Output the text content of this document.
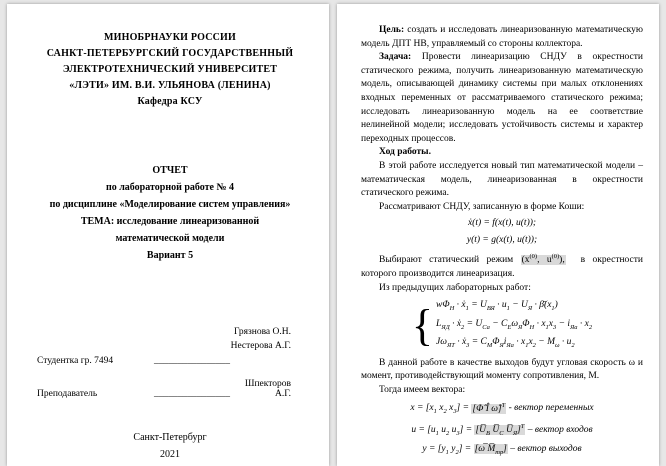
МИНОБРНАУКИ РОССИИ
САНКТ-ПЕТЕРБУРГСКИЙ ГОСУДАРСТВЕННЫЙ
ЭЛЕКТРОТЕХНИЧЕСКИЙ УНИВЕРСИТЕТ
«ЛЭТИ» ИМ. В.И. УЛЬЯНОВА (ЛЕНИНА)
Кафедра КСУ
ОТЧЕТ
по лабораторной работе № 4
по дисциплине «Моделирование систем управления»
ТЕМА: исследование линеаризованной
математической модели
Вариант 5
Грязнова О.Н.
Нестерова А.Г.
Студентка гр. 7494	________________
Преподаватель	________________
Шпекторов А.Г.
Санкт-Петербург
2021

Цель: создать и исследовать линеаризованную математическую модель ДПТ НВ, управляемый со стороны коллектора.

Задача: Провести линеаризацию СНДУ в окрестности статического режима, получить линеаризованную математическую модель, описывающей динамику системы при малых отклонениях входных переменных от рассматриваемого статического режима; исследовать линеаризованную модель на ее соответствие нелинейной модели; исследовать устойчивость системы и характер переходных процессов.

Ход работы.

В этой работе исследуется новый тип математической модели – математическая модель, линеаризованная в окрестности статического режима.

Рассматривают СНДУ, записанную в форме Коши:

ẋ(t) = f(x(t), u(t));
y(t) = g(x(t), u(t));

Выбирают статический режим ($x^{(0)}$, $u^{(0)}$),  в окрестности которого производится линеаризация.

Из предыдущих лабораторных работ:

{ $w\Phi_Н$ · ẋ$_1$ = $U_{ВЯ} \cdot u_1 - U_Я$ · $\betā(x_1)$
$L_{ЯД}$ · ẋ$_2$ = $U_{Са} - C_Е\omega_Я\Phi_Н \cdot x_1x_3 - i_{Яа} \cdot x_2$
$J\omega_{ЯТ}$ · ẋ$_3$ = $C_М\Phi_Яi_{Яа} \cdot x_1x_2 - M_\omega \cdot u_2$

В данной работе в качестве выходов будут угловая скорость ω и момент, противодействующий моменту сопротивления, М.

Тогда имеем вектора:

$x = [x_1$ $x_2$ $x_3$] = [Φ̂ Î ω̂]$^Т$ - вектор переменных
$u = [u_1$ $u_2$ $u_3$] = [$U̅_В$ $U̅_С$ $U̅_Я]^Т$ – вектор входов
$y = [y_1$ $y_2$] = [ω̅ $M̅_{тр}$] – вектор выходов
